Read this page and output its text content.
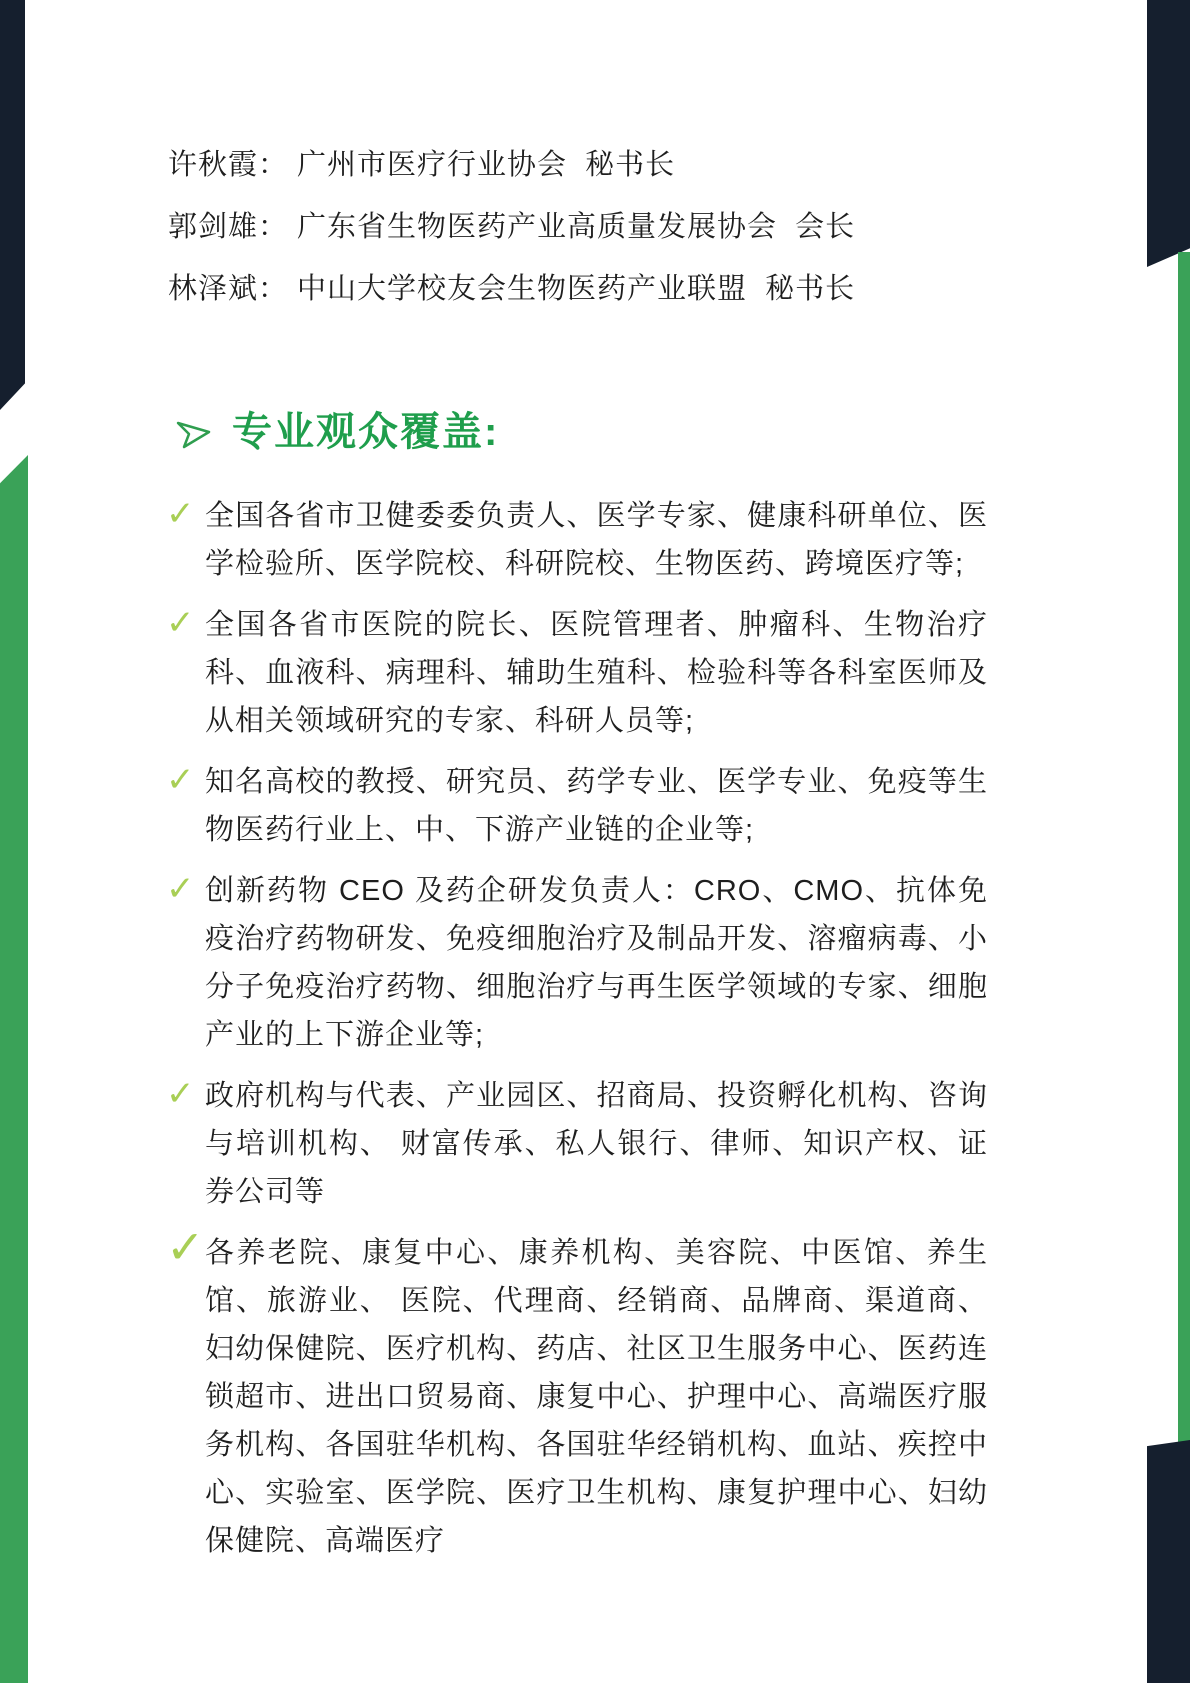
许秋霞： 广州市医疗行业协会  秘书长
郭剑雄： 广东省生物医药产业高质量发展协会  会长
林泽斌： 中山大学校友会生物医药产业联盟  秘书长
专业观众覆盖:
✓ 全国各省市卫健委委负责人、医学专家、健康科研单位、医学检验所、医学院校、科研院校、生物医药、跨境医疗等;
✓ 全国各省市医院的院长、医院管理者、肿瘤科、生物治疗科、血液科、病理科、辅助生殖科、检验科等各科室医师及从相关领域研究的专家、科研人员等;
✓ 知名高校的教授、研究员、药学专业、医学专业、免疫等生物医药行业上、中、下游产业链的企业等;
✓ 创新药物 CEO 及药企研发负责人：CRO、CMO、抗体免疫治疗药物研发、免疫细胞治疗及制品开发、溶瘤病毒、小分子免疫治疗药物、细胞治疗与再生医学领域的专家、细胞产业的上下游企业等;
✓ 政府机构与代表、产业园区、招商局、投资孵化机构、咨询与培训机构、 财富传承、私人银行、律师、知识产权、证券公司等
✓ 各养老院、康复中心、康养机构、美容院、中医馆、养生馆、旅游业、 医院、代理商、经销商、品牌商、渠道商、妇幼保健院、医疗机构、药店、社区卫生服务中心、医药连锁超市、进出口贸易商、康复中心、护理中心、高端医疗服务机构、各国驻华机构、各国驻华经销机构、血站、疾控中心、实验室、医学院、医疗卫生机构、康复护理中心、妇幼保健院、高端医疗
